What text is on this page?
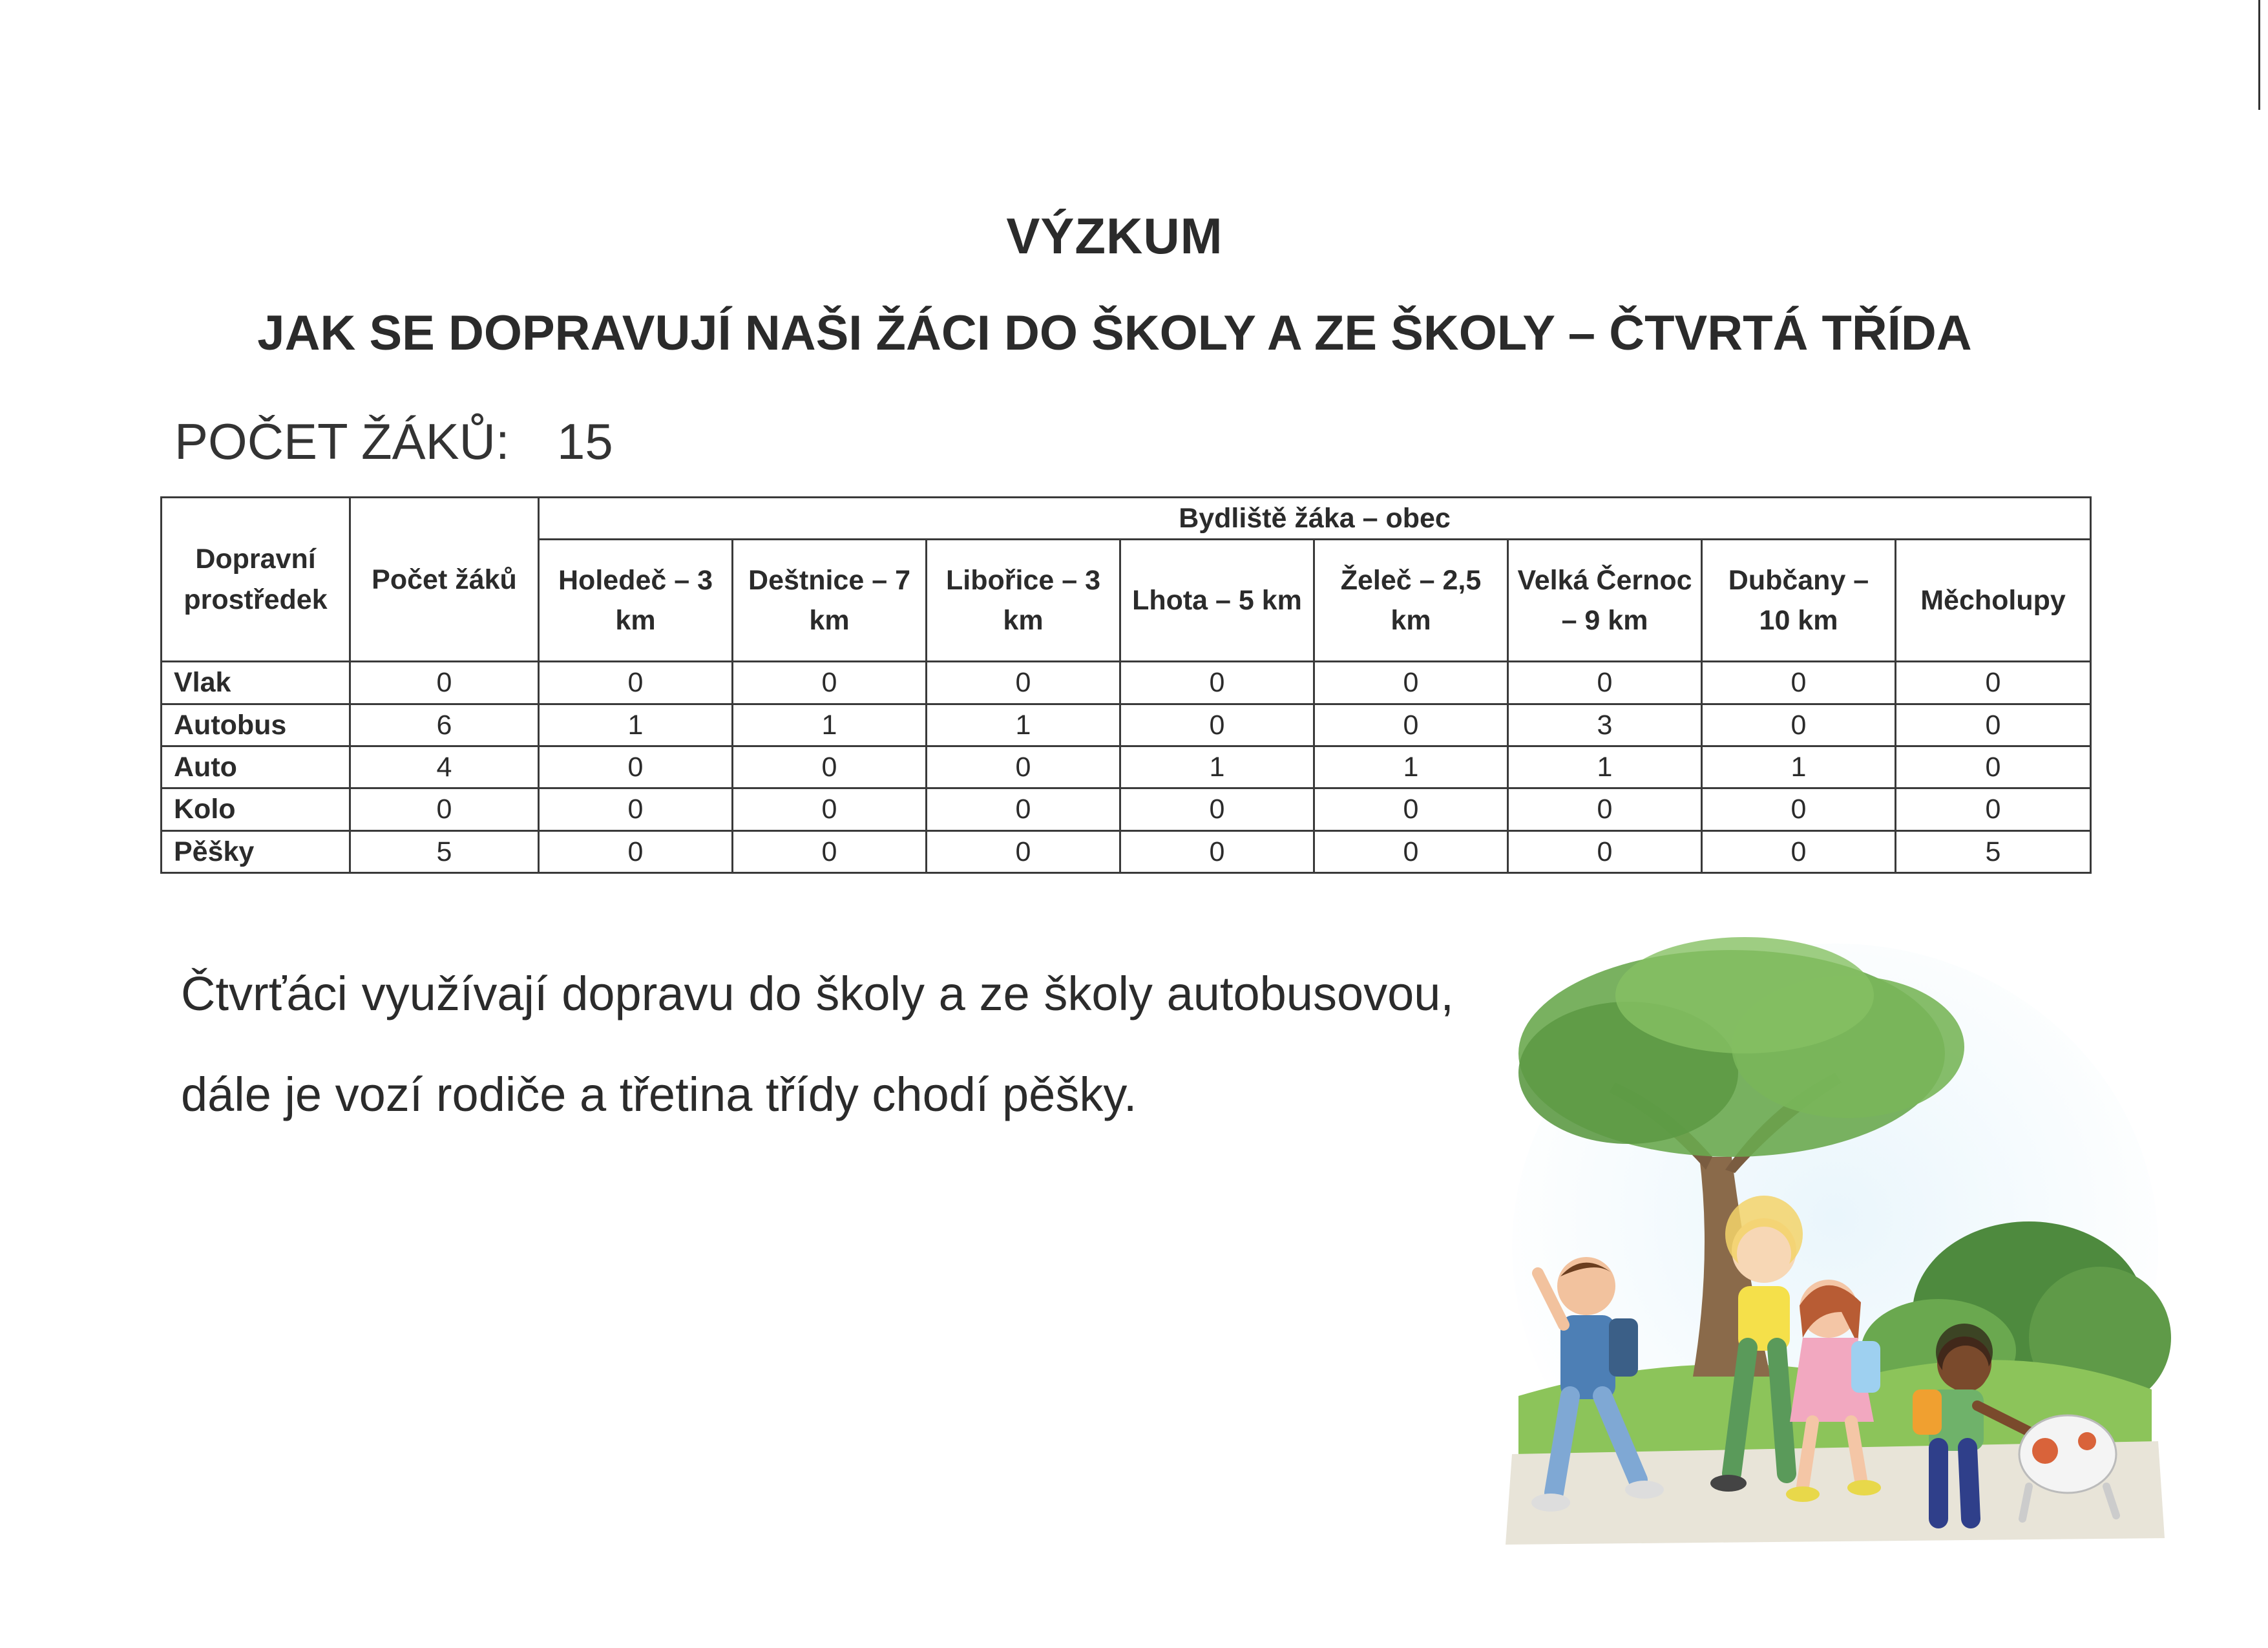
VÝZKUM
JAK SE DOPRAVUJÍ NAŠI ŽÁCI DO ŠKOLY A ZE ŠKOLY – ČTVRTÁ TŘÍDA
POČET ŽÁKŮ: 15
Dopravní prostředek	Počet žáků	Bydliště žáka – obec							
		Holedeč – 3 km	Deštnice – 7 km	Libořice – 3 km	Lhota – 5 km	Želeč – 2,5 km	Velká Černoc – 9 km	Dubčany – 10 km	Měcholupy
Vlak	0	0	0	0	0	0	0	0	0
Autobus	6	1	1	1	0	0	3	0	0
Auto	4	0	0	0	1	1	1	1	0
Kolo	0	0	0	0	0	0	0	0	0
Pěšky	5	0	0	0	0	0	0	0	5
Čtvrťáci využívají dopravu do školy a ze školy autobusovou, dále je vozí rodiče a třetina třídy chodí pěšky.
